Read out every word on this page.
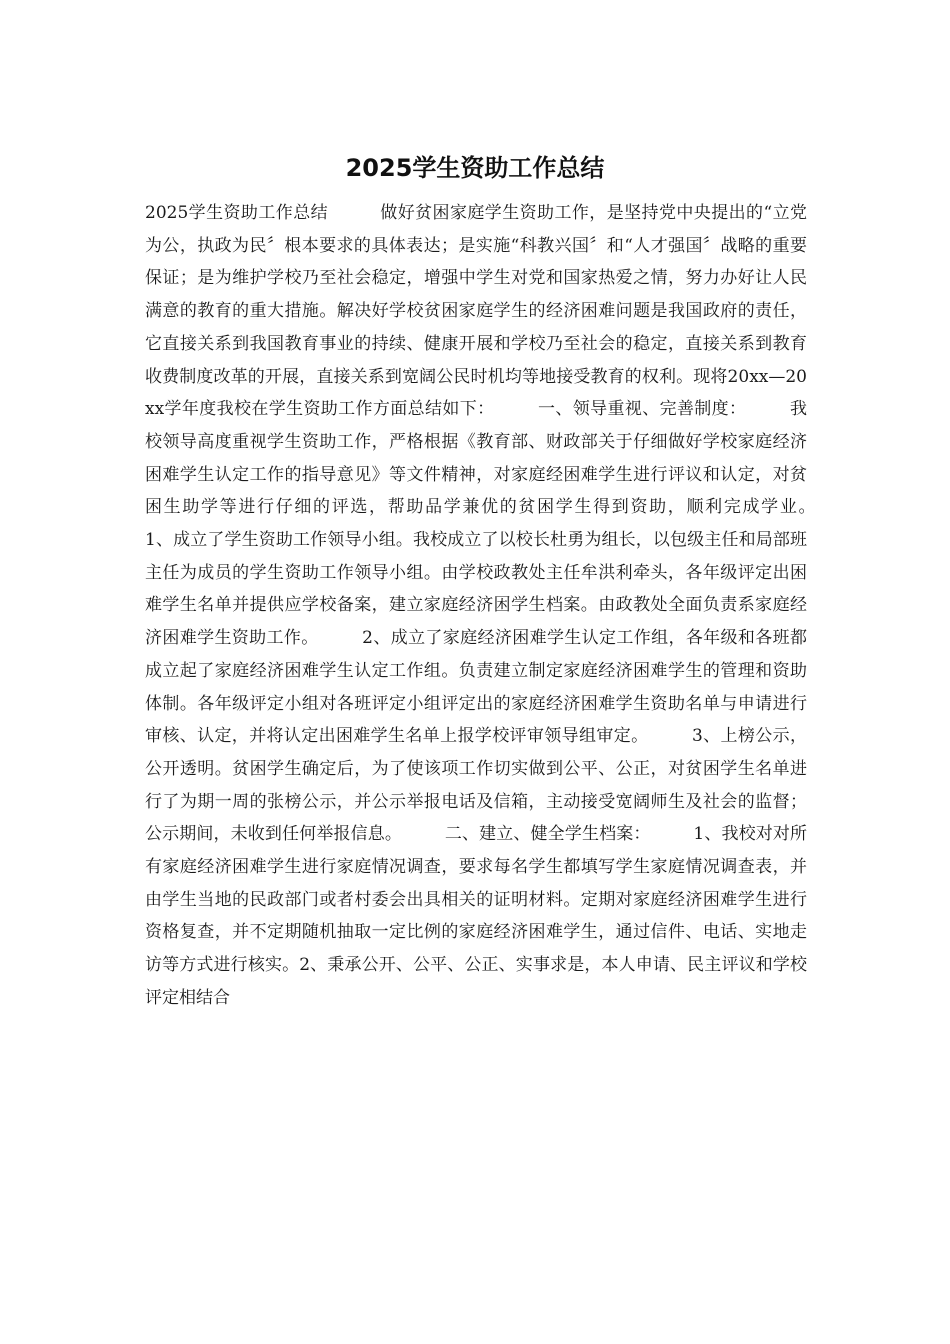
2025学生资助工作总结

2025学生资助工作总结　　　做好贫困家庭学生资助工作，是坚持党中央提出的“立党为公，执政为民〞根本要求的具体表达；是实施“科教兴国〞和“人才强国〞战略的重要保证；是为维护学校乃至社会稳定，增强中学生对党和国家热爱之情，努力办好让人民满意的教育的重大措施。解决好学校贫困家庭学生的经济困难问题是我国政府的责任，它直接关系到我国教育事业的持续、健康开展和学校乃至社会的稳定，直接关系到教育收费制度改革的开展，直接关系到宽阔公民时机均等地接受教育的权利。现将20xx—20xx学年度我校在学生资助工作方面总结如下：　　　一、领导重视、完善制度：　　　我校领导高度重视学生资助工作，严格根据《教育部、财政部关于仔细做好学校家庭经济困难学生认定工作的指导意见》等文件精神，对家庭经困难学生进行评议和认定，对贫困生助学等进行仔细的评选，帮助品学兼优的贫困学生得到资助，顺利完成学业。　　　1、成立了学生资助工作领导小组。我校成立了以校长杜勇为组长，以包级主任和局部班主任为成员的学生资助工作领导小组。由学校政教处主任牟洪利牵头，各年级评定出困难学生名单并提供应学校备案，建立家庭经济困学生档案。由政教处全面负责系家庭经济困难学生资助工作。　　　2、成立了家庭经济困难学生认定工作组，各年级和各班都成立起了家庭经济困难学生认定工作组。负责建立制定家庭经济困难学生的管理和资助体制。各年级评定小组对各班评定小组评定出的家庭经济困难学生资助名单与申请进行审核、认定，并将认定出困难学生名单上报学校评审领导组审定。　　　3、上榜公示，公开透明。贫困学生确定后，为了使该项工作切实做到公平、公正，对贫困学生名单进行了为期一周的张榜公示，并公示举报电话及信箱，主动接受宽阔师生及社会的监督；公示期间，未收到任何举报信息。　　　二、建立、健全学生档案：　　　1、我校对对所有家庭经济困难学生进行家庭情况调查，要求每名学生都填写学生家庭情况调查表，并由学生当地的民政部门或者村委会出具相关的证明材料。定期对家庭经济困难学生进行资格复查，并不定期随机抽取一定比例的家庭经济困难学生，通过信件、电话、实地走访等方式进行核实。2、秉承公开、公平、公正、实事求是，本人申请、民主评议和学校评定相结合
